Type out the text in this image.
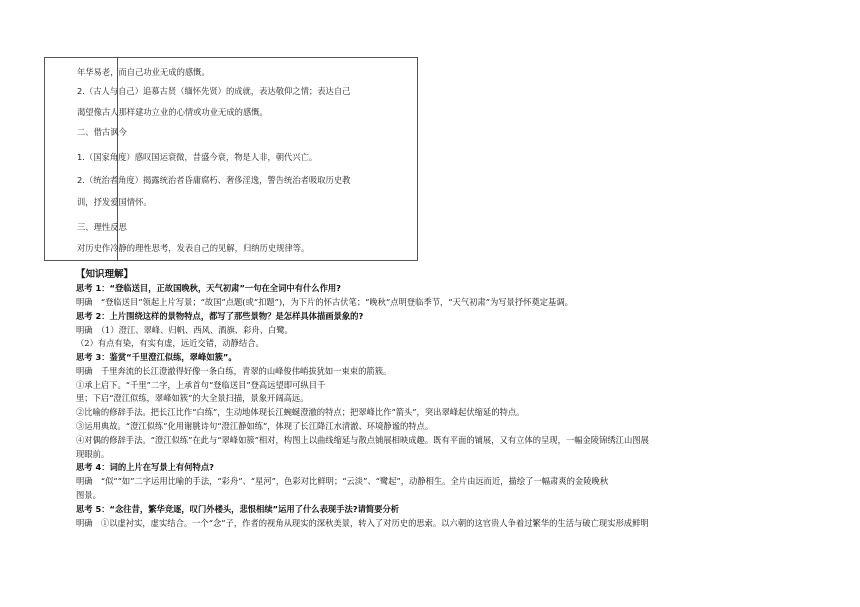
年华易老，而自己功业无成的感慨。
2.（古人与自己）追慕古贤（缅怀先贤）的成就，表达敬仰之情；表达自己
渴望像古人那样建功立业的心情或功业无成的感慨。
二、借古讽今
1.（国家角度）感叹国运衰微，昔盛今衰，物是人非，朝代兴亡。
2.（统治者角度）揭露统治者昏庸腐朽、奢侈淫逸，警告统治者吸取历史教
训，抒发爱国情怀。
三、理性反思
对历史作冷静的理性思考，发表自己的见解，归纳历史规律等。
【知识理解】
思考 1：“登临送目，正故国晚秋，天气初肃”一句在全词中有什么作用?
明确　“登临送目”领起上片写景；“故国”点题(或“扣题”)，为下片的怀古伏笔；“晚秋”点明登临季节，“天气初肃”为写景抒怀奠定基调。
思考 2：上片围绕这样的景物特点，都写了那些景物？是怎样具体描画景象的?
明确　（1）澄江、翠峰、归帆、西风、酒旗、彩舟、白鹭。
（2）有点有染，有实有虚，远近交错，动静结合。
思考 3：鉴赏“千里澄江似练，翠峰如簇”。
明确　千里奔流的长江澄澈得好像一条白练，青翠的山峰俊伟峭拔犹如一束束的箭簇。
①承上启下。“千里”二字，上承首句“登临送目”登高远望即可纵目千
里；下启“澄江似练，翠峰如簇”的大全景扫描，景象开阔高远。
②比喻的修辞手法。把长江比作“白练”，生动地体现长江蜿蜒澄澈的特点；把翠峰比作“箭头”，突出翠峰起伏缩延的特点。
③运用典故。“澄江似练”化用谢朓诗句“澄江静如练”，体现了长江降江水清澈、环境静谧的特点。
④对偶的修辞手法。“澄江似练”在此与“翠峰如簇”相对，构图上以曲线缩延与散点铺展相映成趣。既有平面的铺展，又有立体的呈现，一幅金陵锦绣江山图展
现眼前。
思考 4：词的上片在写景上有何特点?
明确　“似”“如”二字运用比喻的手法，“彩舟”、“星河”，色彩对比鲜明；“云淡”、“鹭起”，动静相生。全片由远而近，描绘了一幅肃爽的金陵晚秋
图景。
思考 5：“念往昔，繁华竞逐，叹门外楼头，悲恨相续”运用了什么表现手法?请简要分析
明确　①以虚衬实，虚实结合。一个“念”子，作者的视角从现实的深秋美景，转入了对历史的思索。以六朝的这官贵人争着过繁华的生活与破亡现实形成鲜明
